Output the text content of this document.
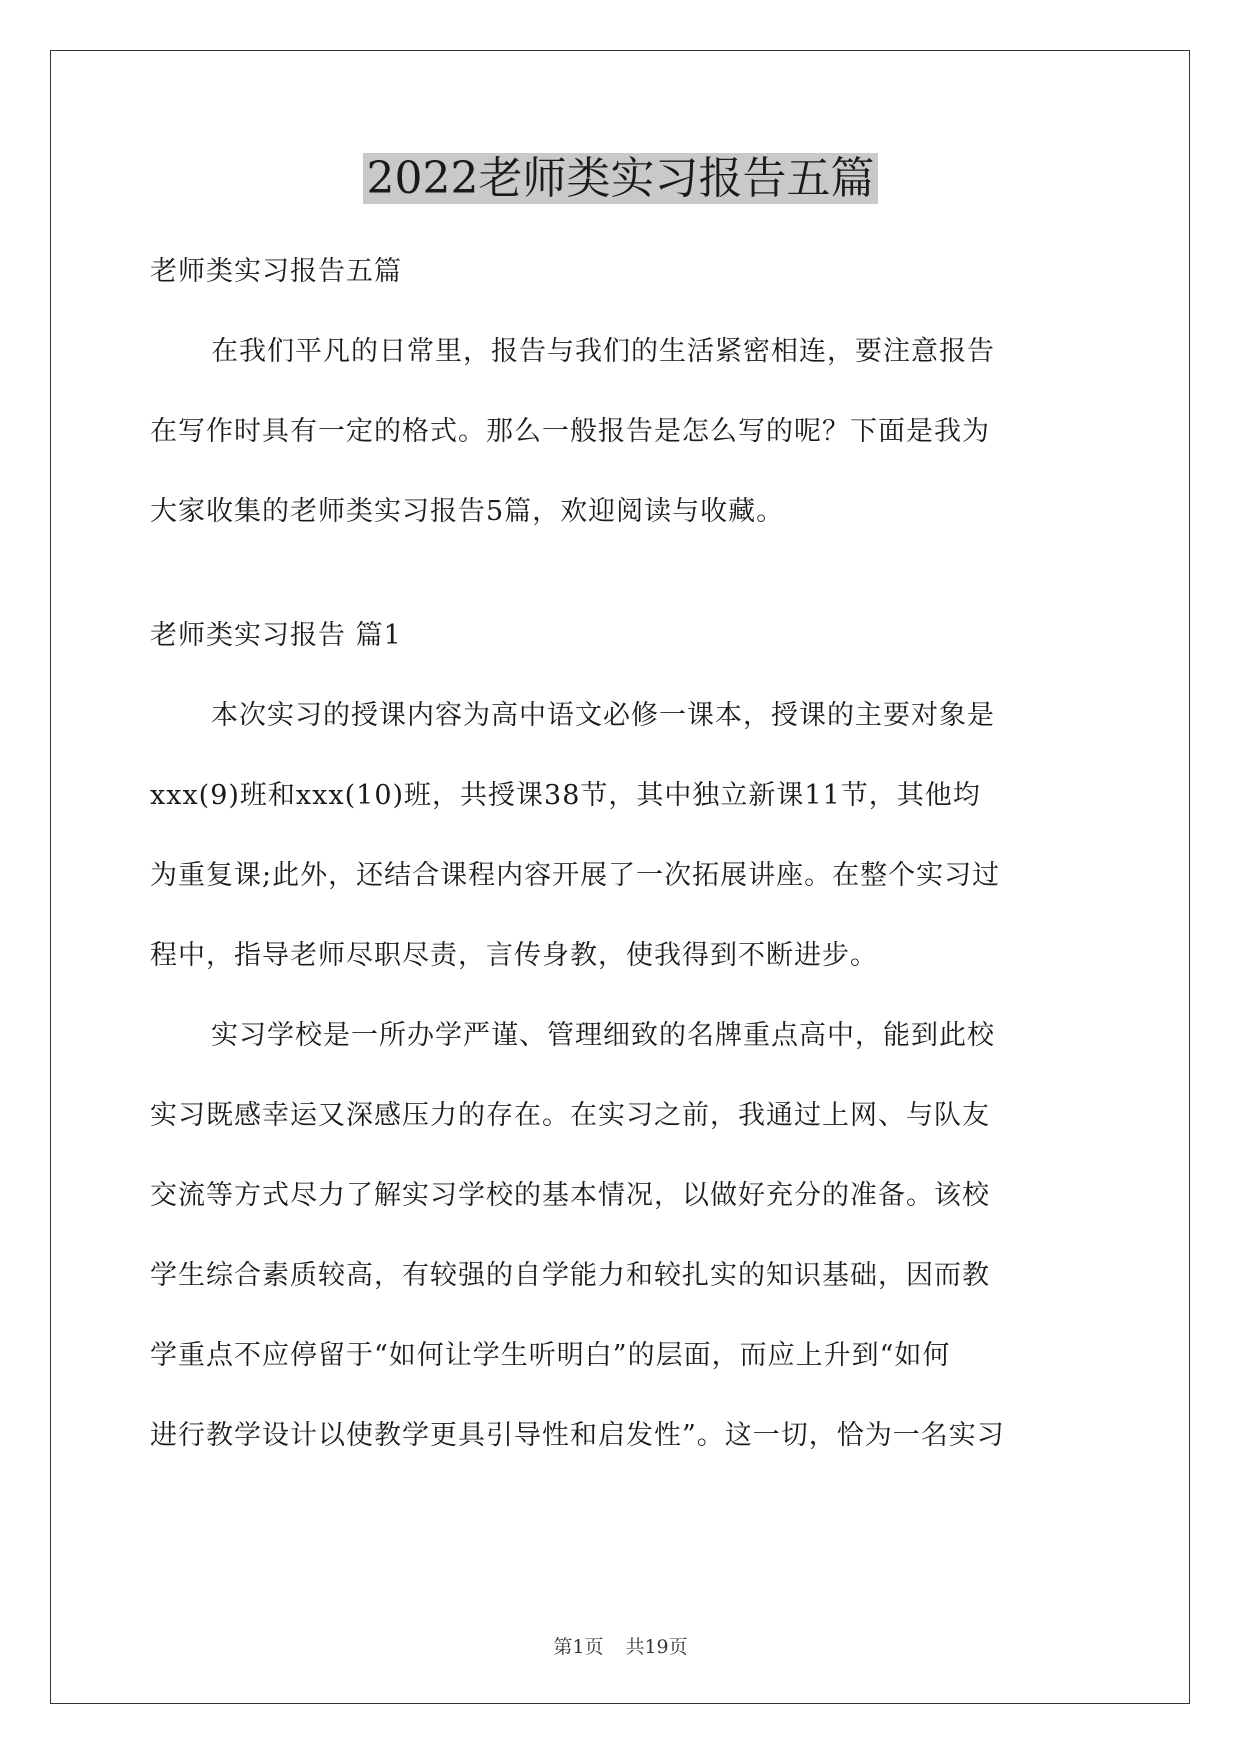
2022老师类实习报告五篇
老师类实习报告五篇
在我们平凡的日常里，报告与我们的生活紧密相连，要注意报告
在写作时具有一定的格式。那么一般报告是怎么写的呢？下面是我为
大家收集的老师类实习报告5篇，欢迎阅读与收藏。
老师类实习报告 篇1
本次实习的授课内容为高中语文必修一课本，授课的主要对象是
xxx(9)班和xxx(10)班，共授课38节，其中独立新课11节，其他均
为重复课;此外，还结合课程内容开展了一次拓展讲座。在整个实习过
程中，指导老师尽职尽责，言传身教，使我得到不断进步。
实习学校是一所办学严谨、管理细致的名牌重点高中，能到此校
实习既感幸运又深感压力的存在。在实习之前，我通过上网、与队友
交流等方式尽力了解实习学校的基本情况，以做好充分的准备。该校
学生综合素质较高，有较强的自学能力和较扎实的知识基础，因而教
学重点不应停留于“如何让学生听明白”的层面，而应上升到“如何
进行教学设计以使教学更具引导性和启发性”。这一切，恰为一名实习
第1页 共19页
